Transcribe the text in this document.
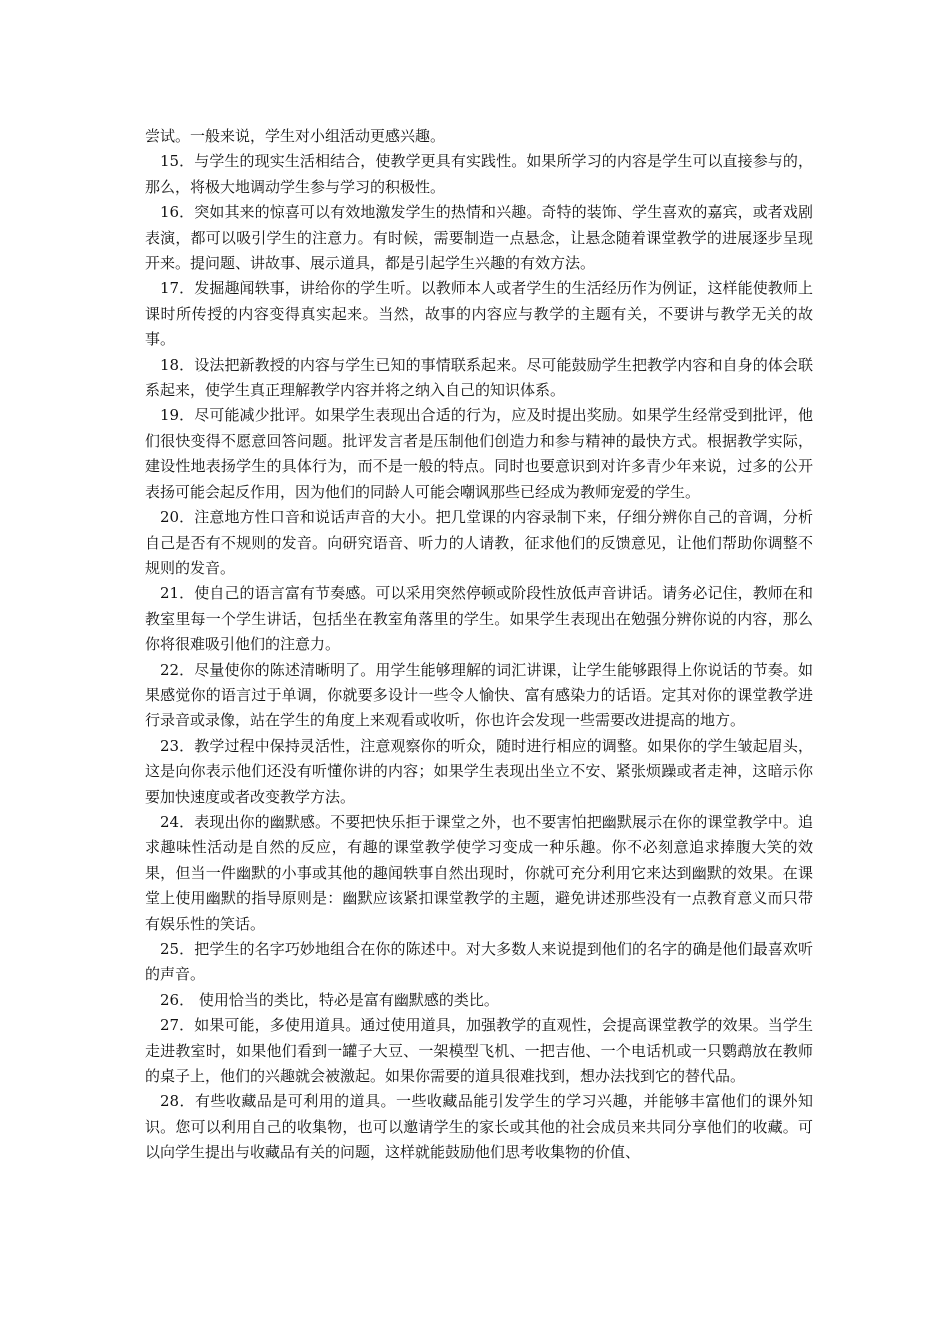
尝试。一般来说，学生对小组活动更感兴趣。

15．与学生的现实生活相结合，使教学更具有实践性。如果所学习的内容是学生可以直接参与的，那么，将极大地调动学生参与学习的积极性。

16．突如其来的惊喜可以有效地激发学生的热情和兴趣。奇特的装饰、学生喜欢的嘉宾，或者戏剧表演，都可以吸引学生的注意力。有时候，需要制造一点悬念，让悬念随着课堂教学的进展逐步呈现开来。提问题、讲故事、展示道具，都是引起学生兴趣的有效方法。

17．发掘趣闻轶事，讲给你的学生听。以教师本人或者学生的生活经历作为例证，这样能使教师上课时所传授的内容变得真实起来。当然，故事的内容应与教学的主题有关，不要讲与教学无关的故事。

18．设法把新教授的内容与学生已知的事情联系起来。尽可能鼓励学生把教学内容和自身的体会联系起来，使学生真正理解教学内容并将之纳入自己的知识体系。

19．尽可能减少批评。如果学生表现出合适的行为，应及时提出奖励。如果学生经常受到批评，他们很快变得不愿意回答问题。批评发言者是压制他们创造力和参与精神的最快方式。根据教学实际，建设性地表扬学生的具体行为，而不是一般的特点。同时也要意识到对许多青少年来说，过多的公开表扬可能会起反作用，因为他们的同龄人可能会嘲讽那些已经成为教师宠爱的学生。

20．注意地方性口音和说话声音的大小。把几堂课的内容录制下来，仔细分辨你自己的音调，分析自己是否有不规则的发音。向研究语音、听力的人请教，征求他们的反馈意见，让他们帮助你调整不规则的发音。

21．使自己的语言富有节奏感。可以采用突然停顿或阶段性放低声音讲话。请务必记住，教师在和教室里每一个学生讲话，包括坐在教室角落里的学生。如果学生表现出在勉强分辨你说的内容，那么你将很难吸引他们的注意力。

22．尽量使你的陈述清晰明了。用学生能够理解的词汇讲课，让学生能够跟得上你说话的节奏。如果感觉你的语言过于单调，你就要多设计一些令人愉快、富有感染力的话语。定其对你的课堂教学进行录音或录像，站在学生的角度上来观看或收听，你也许会发现一些需要改进提高的地方。

23．教学过程中保持灵活性，注意观察你的听众，随时进行相应的调整。如果你的学生皱起眉头，这是向你表示他们还没有听懂你讲的内容；如果学生表现出坐立不安、紧张烦躁或者走神，这暗示你要加快速度或者改变教学方法。

24．表现出你的幽默感。不要把快乐拒于课堂之外，也不要害怕把幽默展示在你的课堂教学中。追求趣味性活动是自然的反应，有趣的课堂教学使学习变成一种乐趣。你不必刻意追求捧腹大笑的效果，但当一件幽默的小事或其他的趣闻轶事自然出现时，你就可充分利用它来达到幽默的效果。在课堂上使用幽默的指导原则是：幽默应该紧扣课堂教学的主题，避免讲述那些没有一点教育意义而只带有娱乐性的笑话。

25．把学生的名字巧妙地组合在你的陈述中。对大多数人来说提到他们的名字的确是他们最喜欢听的声音。

26． 使用恰当的类比，特必是富有幽默感的类比。

27．如果可能，多使用道具。通过使用道具，加强教学的直观性，会提高课堂教学的效果。当学生走进教室时，如果他们看到一罐子大豆、一架模型飞机、一把吉他、一个电话机或一只鹦鹉放在教师的桌子上，他们的兴趣就会被激起。如果你需要的道具很难找到，想办法找到它的替代品。

28．有些收藏品是可利用的道具。一些收藏品能引发学生的学习兴趣，并能够丰富他们的课外知识。您可以利用自己的收集物，也可以邀请学生的家长或其他的社会成员来共同分享他们的收藏。可以向学生提出与收藏品有关的问题，这样就能鼓励他们思考收集物的价值、
